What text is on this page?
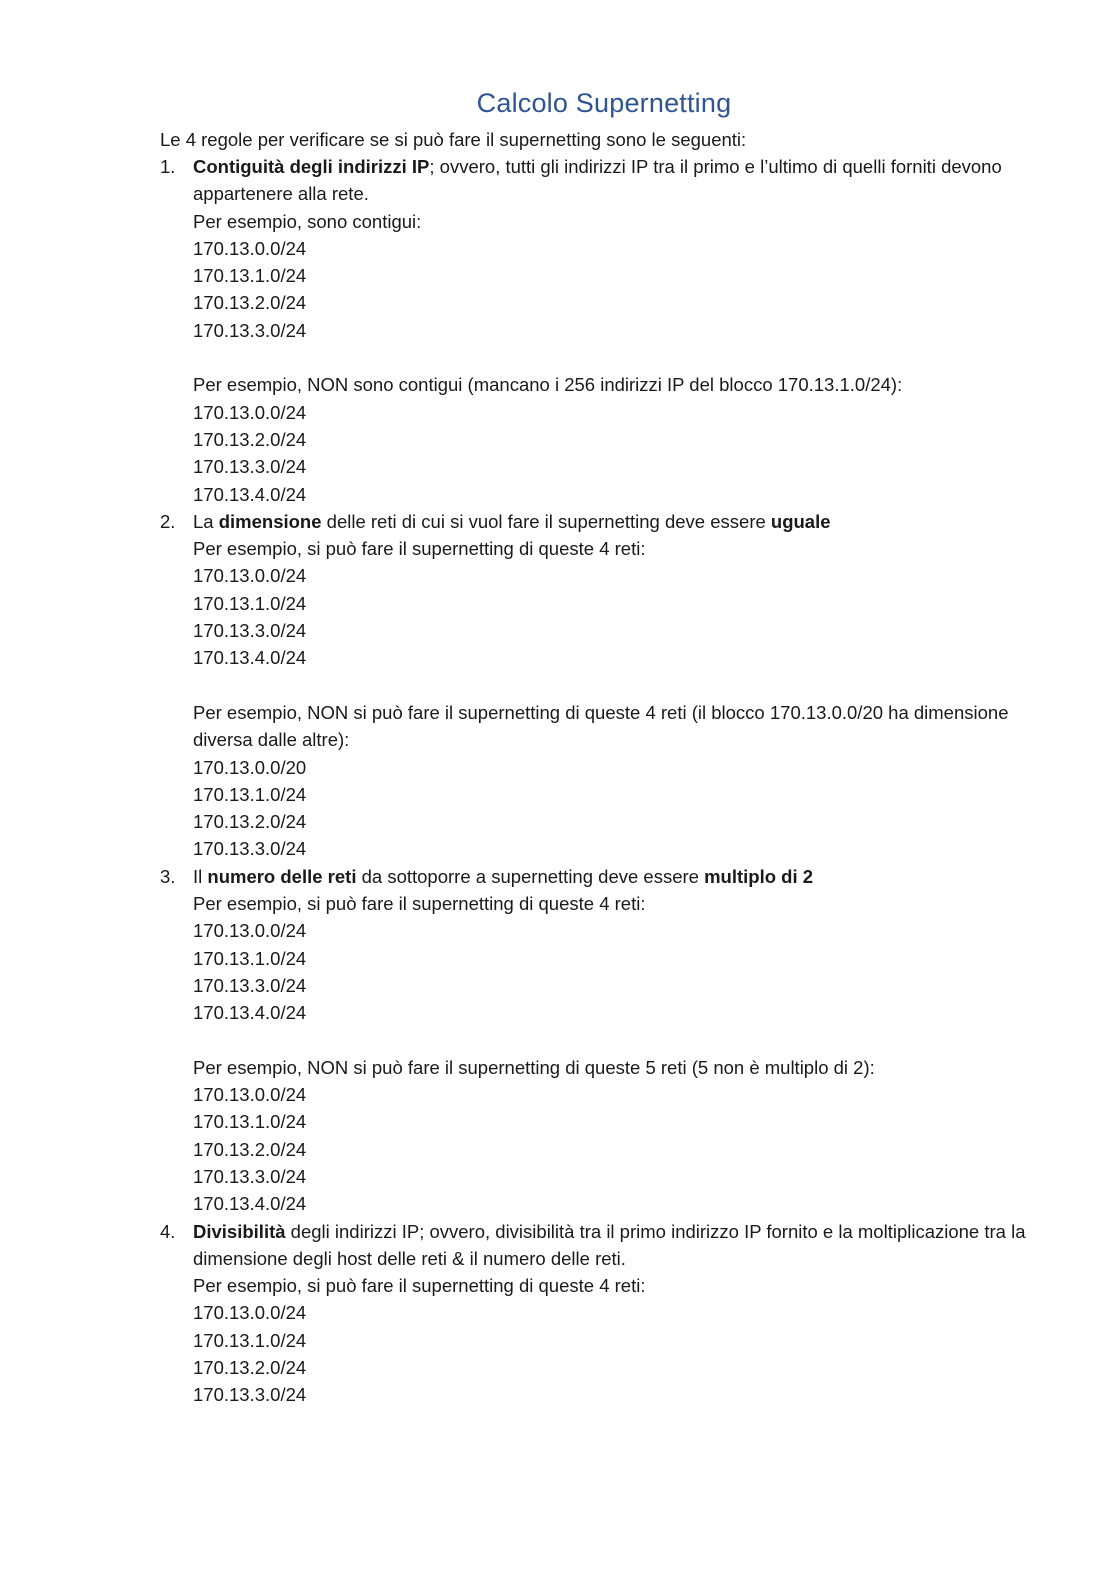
Calcolo Supernetting
Le 4 regole per verificare se si può fare il supernetting sono le seguenti:
1. Contiguità degli indirizzi IP; ovvero, tutti gli indirizzi IP tra il primo e l’ultimo di quelli forniti devono appartenere alla rete.
Per esempio, sono contigui:
170.13.0.0/24
170.13.1.0/24
170.13.2.0/24
170.13.3.0/24
Per esempio, NON sono contigui (mancano i 256 indirizzi IP del blocco 170.13.1.0/24):
170.13.0.0/24
170.13.2.0/24
170.13.3.0/24
170.13.4.0/24
2. La dimensione delle reti di cui si vuol fare il supernetting deve essere uguale
Per esempio, si può fare il supernetting di queste 4 reti:
170.13.0.0/24
170.13.1.0/24
170.13.3.0/24
170.13.4.0/24
Per esempio, NON si può fare il supernetting di queste 4 reti (il blocco 170.13.0.0/20 ha dimensione diversa dalle altre):
170.13.0.0/20
170.13.1.0/24
170.13.2.0/24
170.13.3.0/24
3. Il numero delle reti da sottoporre a supernetting deve essere multiplo di 2
Per esempio, si può fare il supernetting di queste 4 reti:
170.13.0.0/24
170.13.1.0/24
170.13.3.0/24
170.13.4.0/24
Per esempio, NON si può fare il supernetting di queste 5 reti (5 non è multiplo di 2):
170.13.0.0/24
170.13.1.0/24
170.13.2.0/24
170.13.3.0/24
170.13.4.0/24
4. Divisibilità degli indirizzi IP; ovvero, divisibilità tra il primo indirizzo IP fornito e la moltiplicazione tra la dimensione degli host delle reti & il numero delle reti.
Per esempio, si può fare il supernetting di queste 4 reti:
170.13.0.0/24
170.13.1.0/24
170.13.2.0/24
170.13.3.0/24
